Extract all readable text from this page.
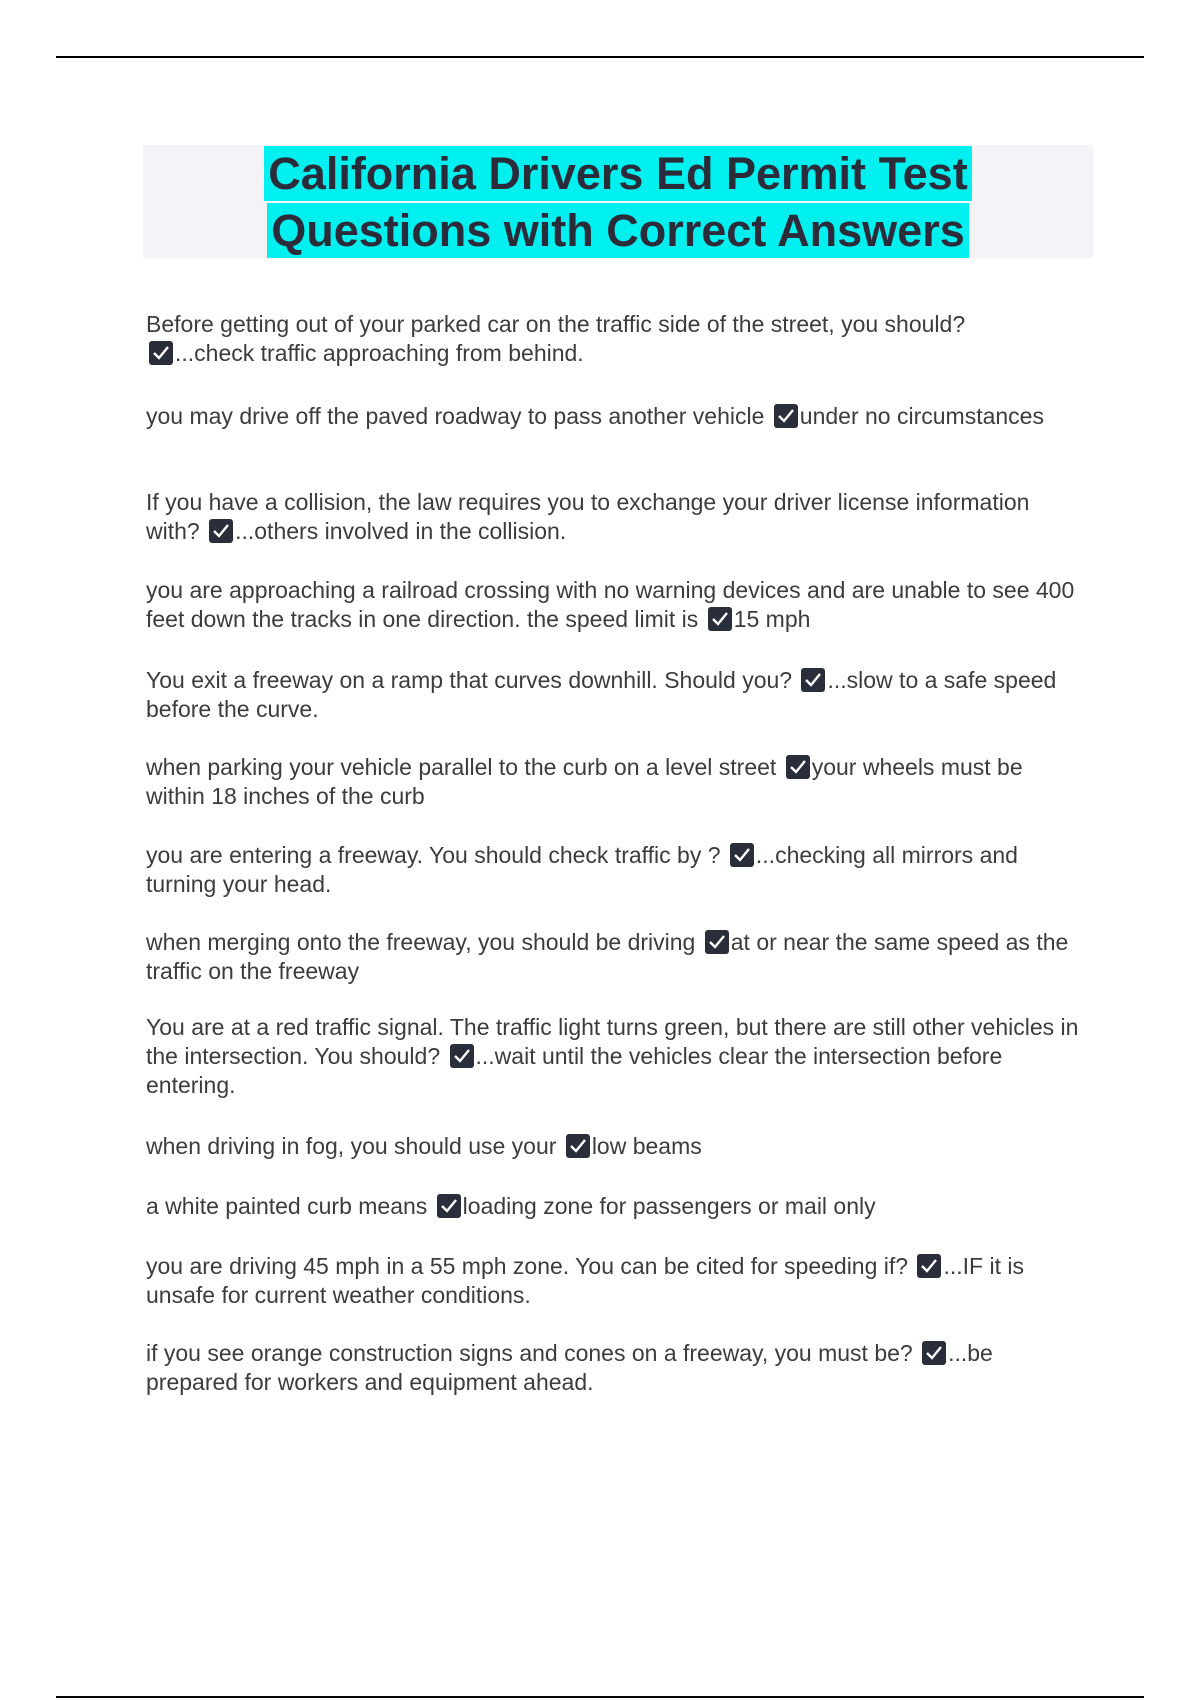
California Drivers Ed Permit Test
Questions with Correct Answers
Before getting out of your parked car on the traffic side of the street, you should?

...check traffic approaching from behind.
you may drive off the paved roadway to pass another vehicle under no circumstances
If you have a collision, the law requires you to exchange your driver license information with? ...others involved in the collision.
you are approaching a railroad crossing with no warning devices and are unable to see 400 feet down the tracks in one direction. the speed limit is 15 mph
You exit a freeway on a ramp that curves downhill. Should you? ...slow to a safe speed before the curve.
when parking your vehicle parallel to the curb on a level street your wheels must be within 18 inches of the curb
you are entering a freeway. You should check traffic by ? ...checking all mirrors and turning your head.
when merging onto the freeway, you should be driving at or near the same speed as the traffic on the freeway
You are at a red traffic signal. The traffic light turns green, but there are still other vehicles in the intersection. You should? ...wait until the vehicles clear the intersection before entering.
when driving in fog, you should use your low beams
a white painted curb means loading zone for passengers or mail only
you are driving 45 mph in a 55 mph zone. You can be cited for speeding if? ...IF it is unsafe for current weather conditions.
if you see orange construction signs and cones on a freeway, you must be? ...be prepared for workers and equipment ahead.
